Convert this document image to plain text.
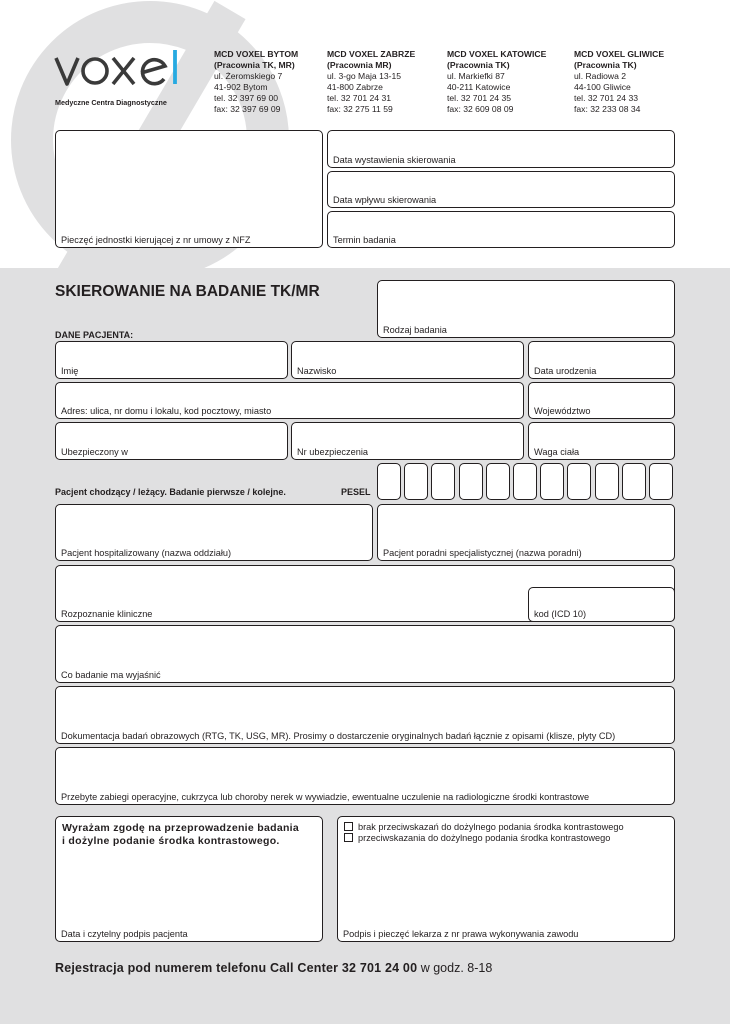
Medyczne Centra Diagnostyczne
MCD VOXEL BYTOM
(Pracownia TK, MR)
ul. Żeromskiego 7
41-902 Bytom
tel. 32 397 69 00
fax: 32 397 69 09
MCD VOXEL ZABRZE
(Pracownia MR)
ul. 3-go Maja 13-15
41-800 Zabrze
tel. 32 701 24 31
fax: 32 275 11 59
MCD VOXEL KATOWICE
(Pracownia TK)
ul. Markiefki 87
40-211 Katowice
tel. 32 701 24 35
fax: 32 609 08 09
MCD VOXEL GLIWICE
(Pracownia TK)
ul. Radiowa 2
44-100 Gliwice
tel. 32 701 24 33
fax: 32 233 08 34
Pieczęć jednostki kierującej z nr umowy z NFZ
Data wystawienia skierowania
Data wpływu skierowania
Termin badania
SKIEROWANIE NA BADANIE TK/MR
Rodzaj badania
DANE PACJENTA:
Imię	Nazwisko	Data urodzenia
Adres: ulica, nr domu i lokalu, kod pocztowy, miasto	Województwo
Ubezpieczony w	Nr ubezpieczenia	Waga ciała
Pacjent chodzący / leżący. Badanie pierwsze / kolejne.	PESEL
Pacjent hospitalizowany (nazwa oddziału)	Pacjent poradni specjalistycznej (nazwa poradni)
Rozpoznanie kliniczne	kod (ICD 10)
Co badanie ma wyjaśnić
Dokumentacja badań obrazowych (RTG, TK, USG, MR). Prosimy o dostarczenie oryginalnych badań łącznie z opisami (klisze, płyty CD)
Przebyte zabiegi operacyjne, cukrzyca lub choroby nerek w wywiadzie, ewentualne uczulenie na radiologiczne środki kontrastowe
Wyrażam zgodę na przeprowadzenie badania
i dożylne podanie środka kontrastowego.
Data i czytelny podpis pacjenta
brak przeciwskazań do dożylnego podania środka kontrastowego
przeciwskazania do dożylnego podania środka kontrastowego
Podpis i pieczęć lekarza z nr prawa wykonywania zawodu
Rejestracja pod numerem telefonu Call Center 32 701 24 00 w godz. 8-18
